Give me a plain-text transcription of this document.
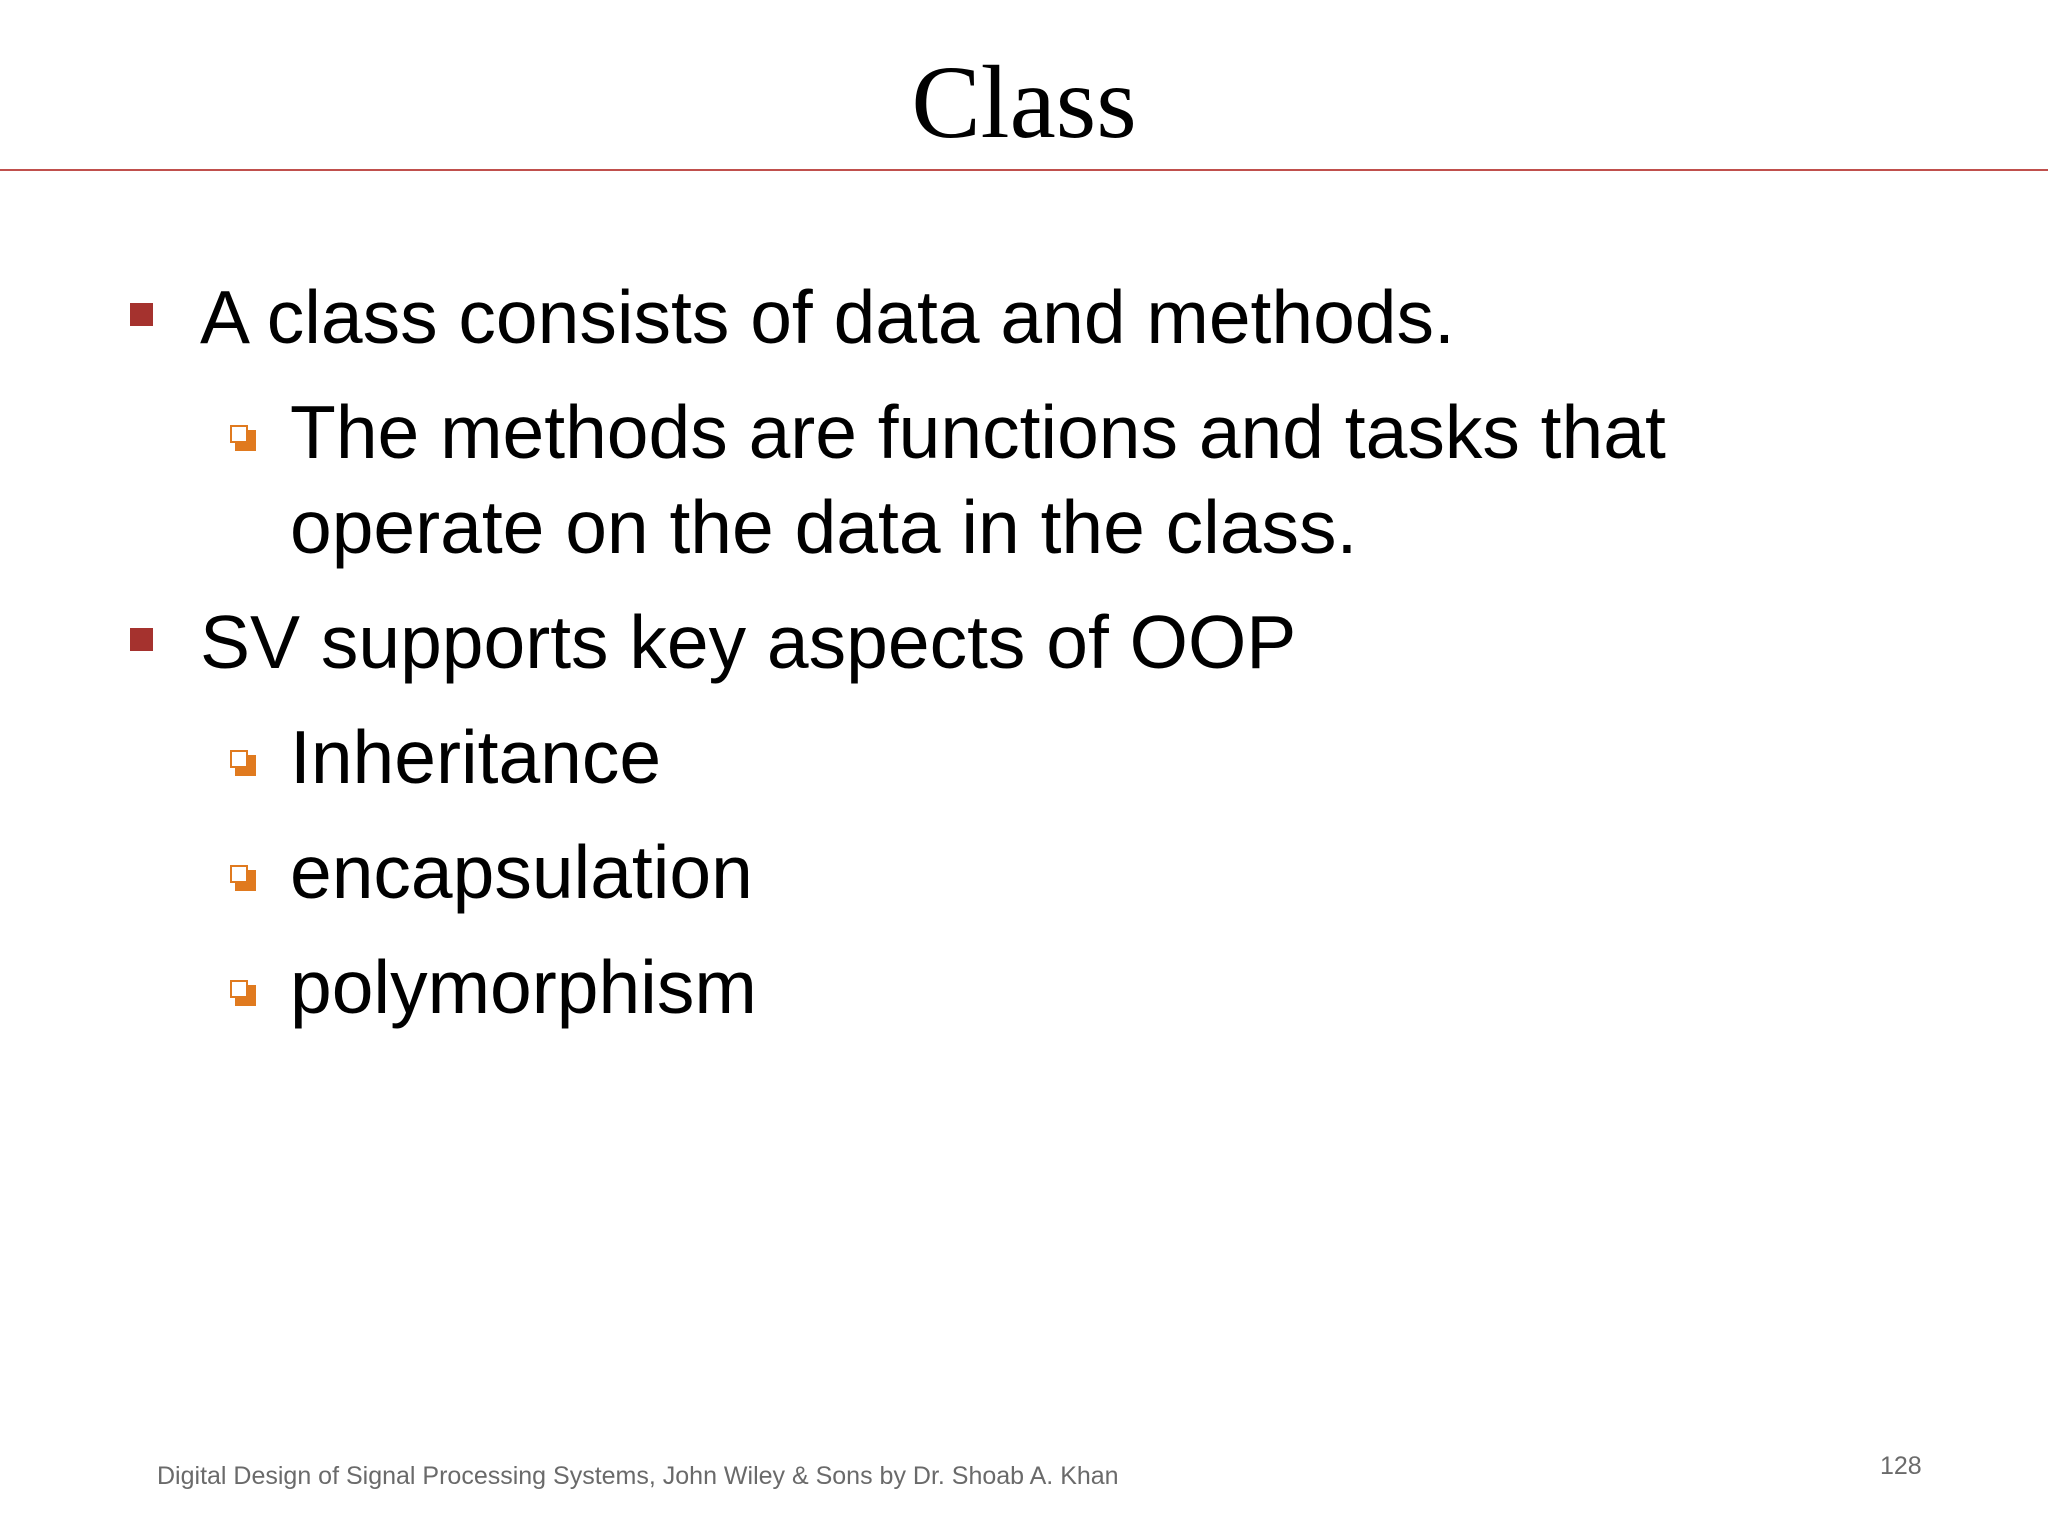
Class
A class consists of data and methods.
The methods are functions and tasks that
operate on the data in the class.
SV supports key aspects of OOP
Inheritance
encapsulation
polymorphism
Digital Design of Signal Processing Systems, John Wiley & Sons by Dr. Shoab A. Khan	128
